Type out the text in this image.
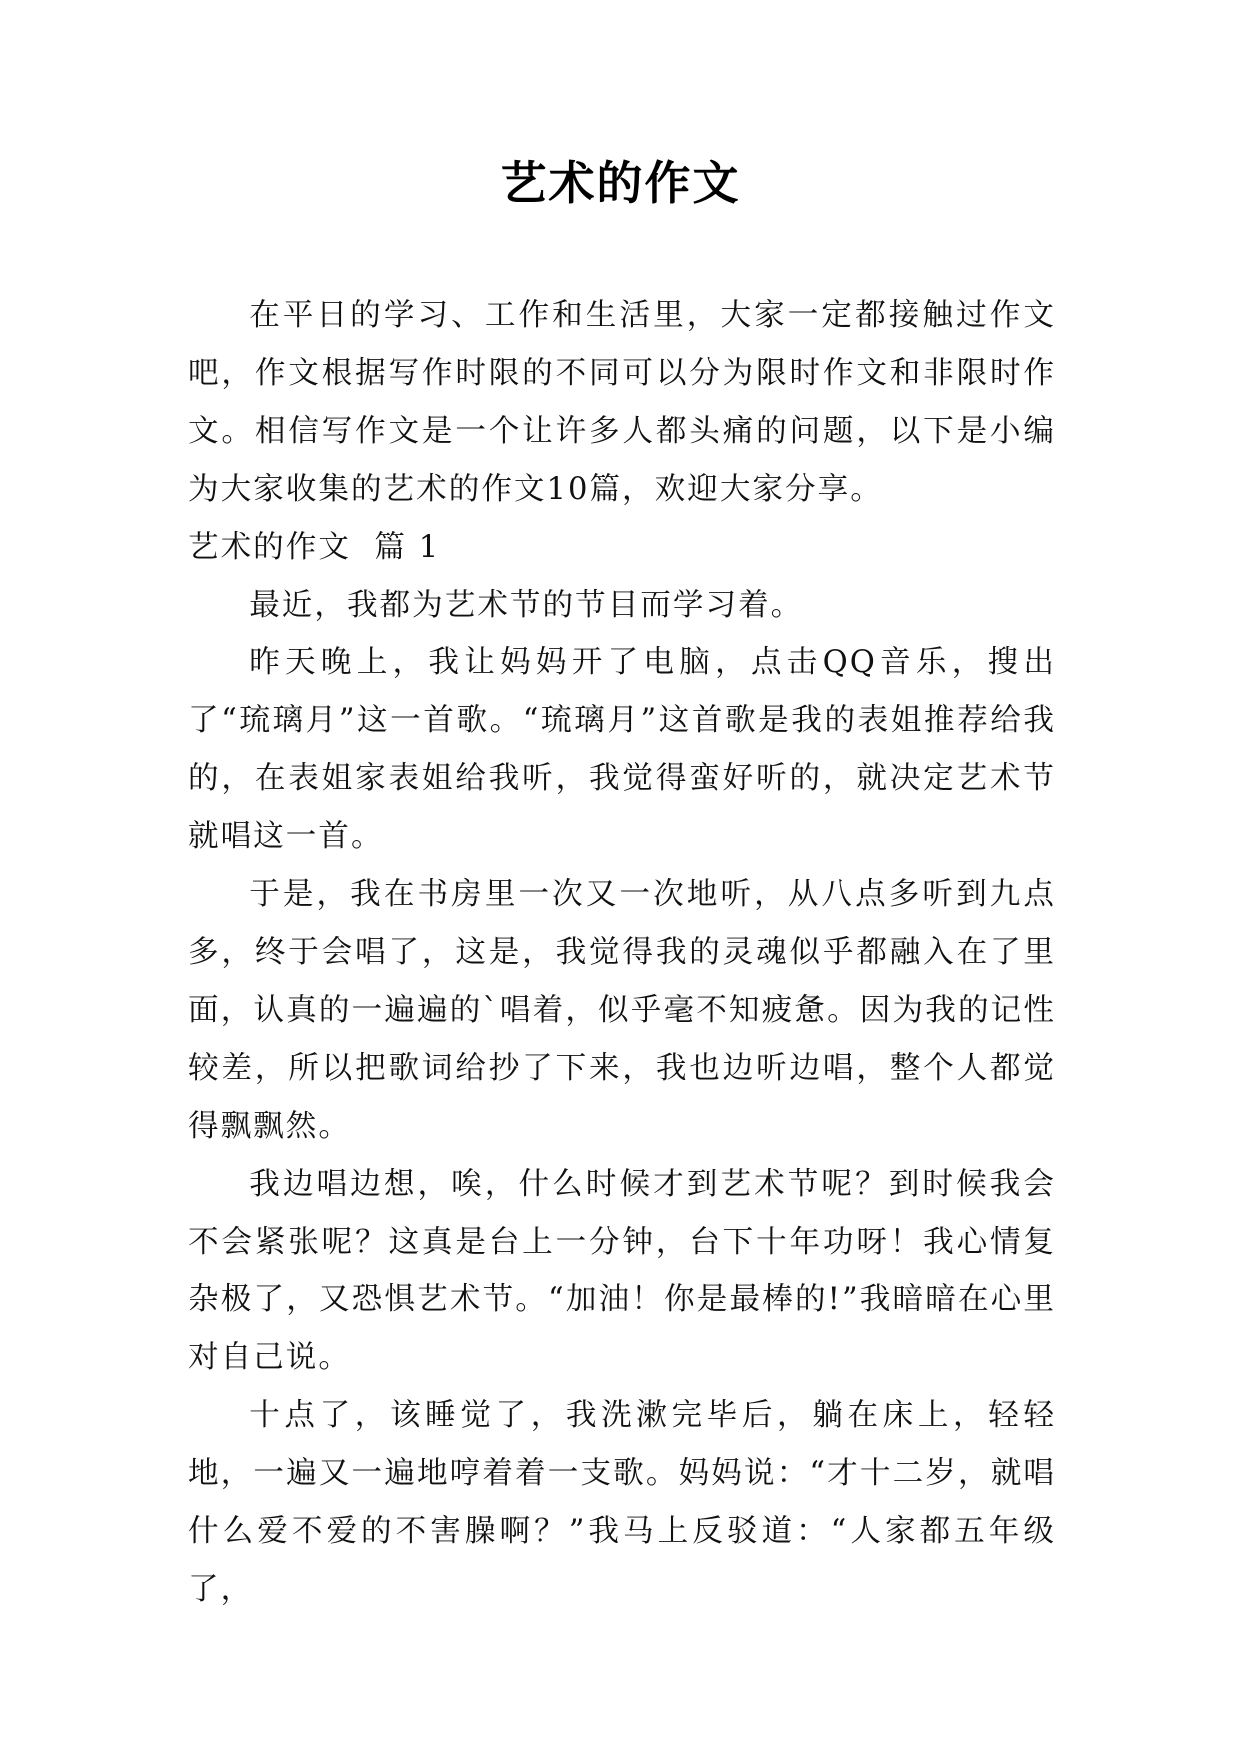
艺术的作文

在平日的学习、工作和生活里，大家一定都接触过作文吧，作文根据写作时限的不同可以分为限时作文和非限时作文。相信写作文是一个让许多人都头痛的问题，以下是小编为大家收集的艺术的作文10篇，欢迎大家分享。

艺术的作文  篇 1

最近，我都为艺术节的节目而学习着。

昨天晚上，我让妈妈开了电脑，点击QQ音乐，搜出了“琉璃月”这一首歌。“琉璃月”这首歌是我的表姐推荐给我的，在表姐家表姐给我听，我觉得蛮好听的，就决定艺术节就唱这一首。

于是，我在书房里一次又一次地听，从八点多听到九点多，终于会唱了，这是，我觉得我的灵魂似乎都融入在了里面，认真的一遍遍的`唱着，似乎毫不知疲惫。因为我的记性较差，所以把歌词给抄了下来，我也边听边唱，整个人都觉得飘飘然。

我边唱边想，唉，什么时候才到艺术节呢？到时候我会不会紧张呢？这真是台上一分钟，台下十年功呀！我心情复杂极了，又恐惧艺术节。“加油！你是最棒的!”我暗暗在心里对自己说。

十点了，该睡觉了，我洗漱完毕后，躺在床上，轻轻地，一遍又一遍地哼着着一支歌。妈妈说：“才十二岁，就唱什么爱不爱的不害臊啊？”我马上反驳道：“人家都五年级了，
